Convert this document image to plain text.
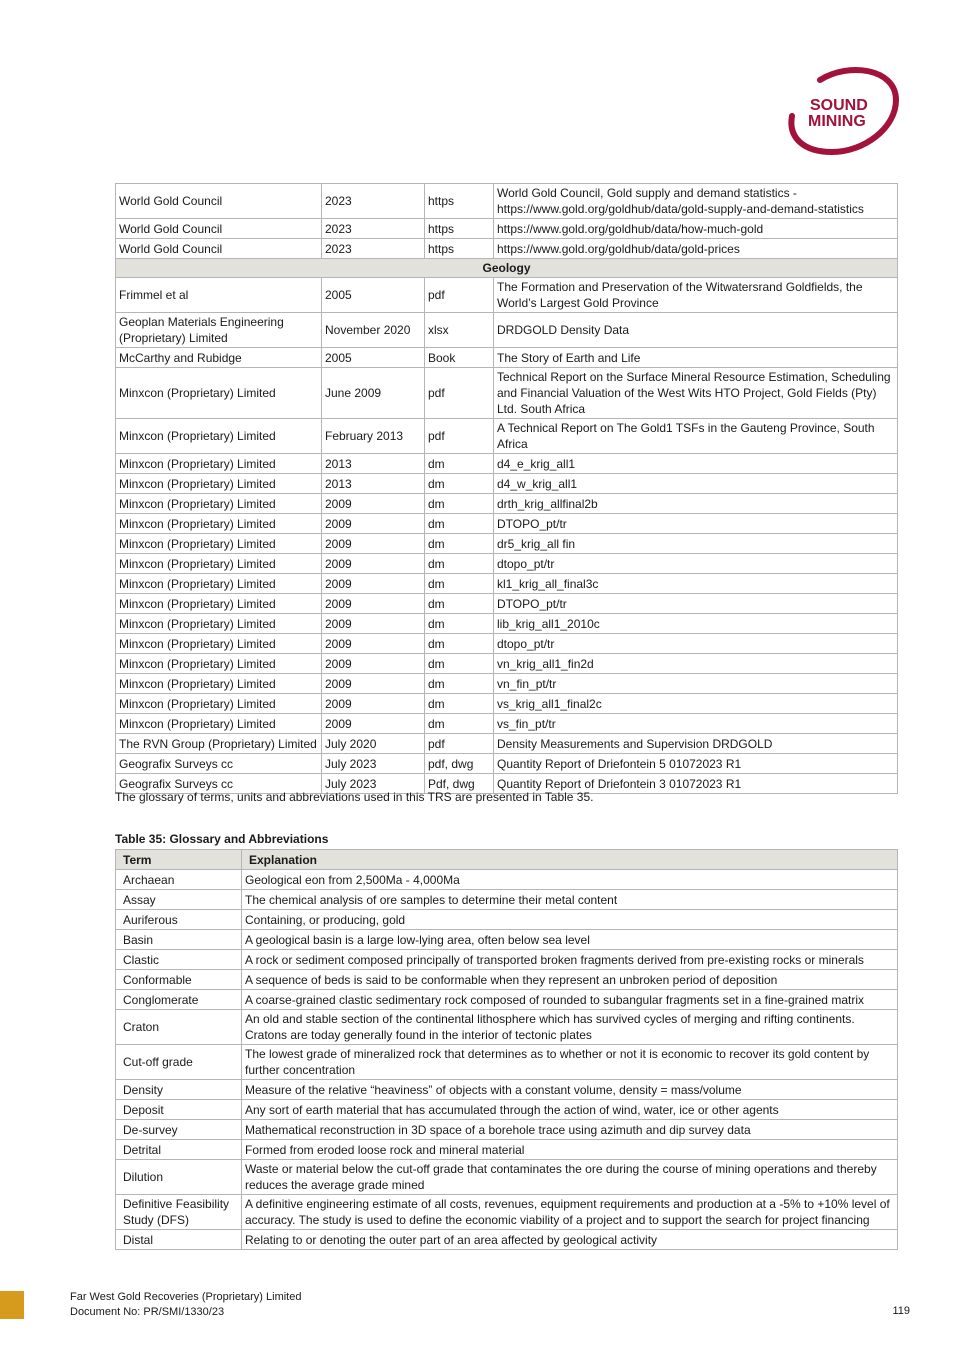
SOUND
MINING
World Gold Council	2023	https	World Gold Council, Gold supply and demand statistics - https://www.gold.org/goldhub/data/gold-supply-and-demand-statistics
World Gold Council	2023	https	https://www.gold.org/goldhub/data/how-much-gold
World Gold Council	2023	https	https://www.gold.org/goldhub/data/gold-prices
Geology			
Frimmel et al	2005	pdf	The Formation and Preservation of the Witwatersrand Goldfields, the World’s Largest Gold Province
Geoplan Materials Engineering (Proprietary) Limited	November 2020	xlsx	DRDGOLD Density Data
McCarthy and Rubidge	2005	Book	The Story of Earth and Life
Minxcon (Proprietary) Limited	June 2009	pdf	Technical Report on the Surface Mineral Resource Estimation, Scheduling and Financial Valuation of the West Wits HTO Project, Gold Fields (Pty) Ltd. South Africa
Minxcon (Proprietary) Limited	February 2013	pdf	A Technical Report on The Gold1 TSFs in the Gauteng Province, South Africa
Minxcon (Proprietary) Limited	2013	dm	d4_e_krig_all1
Minxcon (Proprietary) Limited	2013	dm	d4_w_krig_all1
Minxcon (Proprietary) Limited	2009	dm	drth_krig_allfinal2b
Minxcon (Proprietary) Limited	2009	dm	DTOPO_pt/tr
Minxcon (Proprietary) Limited	2009	dm	dr5_krig_all fin
Minxcon (Proprietary) Limited	2009	dm	dtopo_pt/tr
Minxcon (Proprietary) Limited	2009	dm	kl1_krig_all_final3c
Minxcon (Proprietary) Limited	2009	dm	DTOPO_pt/tr
Minxcon (Proprietary) Limited	2009	dm	lib_krig_all1_2010c
Minxcon (Proprietary) Limited	2009	dm	dtopo_pt/tr
Minxcon (Proprietary) Limited	2009	dm	vn_krig_all1_fin2d
Minxcon (Proprietary) Limited	2009	dm	vn_fin_pt/tr
Minxcon (Proprietary) Limited	2009	dm	vs_krig_all1_final2c
Minxcon (Proprietary) Limited	2009	dm	vs_fin_pt/tr
The RVN Group (Proprietary) Limited	July 2020	pdf	Density Measurements and Supervision DRDGOLD
Geografix Surveys cc	July 2023	pdf, dwg	Quantity Report of Driefontein 5 01072023 R1
Geografix Surveys cc	July 2023	Pdf, dwg	Quantity Report of Driefontein 3 01072023 R1

The glossary of terms, units and abbreviations used in this TRS are presented in Table 35.

Table 35: Glossary and Abbreviations

Term	Explanation
Archaean	Geological eon from 2,500Ma - 4,000Ma
Assay	The chemical analysis of ore samples to determine their metal content
Auriferous	Containing, or producing, gold
Basin	A geological basin is a large low-lying area, often below sea level
Clastic	A rock or sediment composed principally of transported broken fragments derived from pre-existing rocks or minerals
Conformable	A sequence of beds is said to be conformable when they represent an unbroken period of deposition
Conglomerate	A coarse-grained clastic sedimentary rock composed of rounded to subangular fragments set in a fine-grained matrix
Craton	An old and stable section of the continental lithosphere which has survived cycles of merging and rifting continents. Cratons are today generally found in the interior of tectonic plates
Cut-off grade	The lowest grade of mineralized rock that determines as to whether or not it is economic to recover its gold content by further concentration
Density	Measure of the relative “heaviness” of objects with a constant volume, density = mass/volume
Deposit	Any sort of earth material that has accumulated through the action of wind, water, ice or other agents
De-survey	Mathematical reconstruction in 3D space of a borehole trace using azimuth and dip survey data
Detrital	Formed from eroded loose rock and mineral material
Dilution	Waste or material below the cut-off grade that contaminates the ore during the course of mining operations and thereby reduces the average grade mined
Definitive Feasibility Study (DFS)	A definitive engineering estimate of all costs, revenues, equipment requirements and production at a -5% to +10% level of accuracy. The study is used to define the economic viability of a project and to support the search for project financing
Distal	Relating to or denoting the outer part of an area affected by geological activity
Far West Gold Recoveries (Proprietary) Limited
Document No: PR/SMI/1330/23	119
